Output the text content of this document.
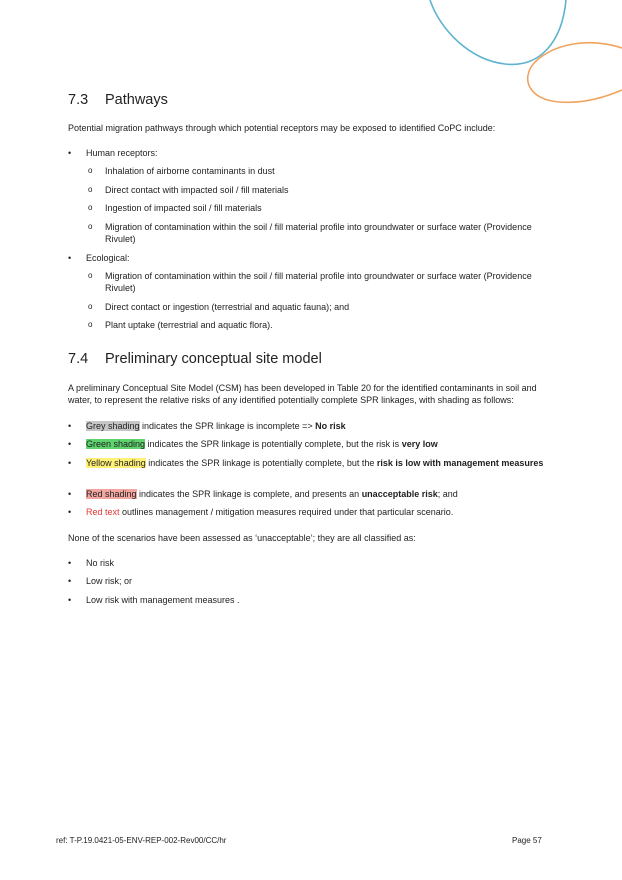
7.3 Pathways

Potential migration pathways through which potential receptors may be exposed to identified CoPC include:

• Human receptors:
o Inhalation of airborne contaminants in dust
o Direct contact with impacted soil / fill materials
o Ingestion of impacted soil / fill materials
o Migration of contamination within the soil / fill material profile into groundwater or surface water (Providence Rivulet)
• Ecological:
o Migration of contamination within the soil / fill material profile into groundwater or surface water (Providence Rivulet)
o Direct contact or ingestion (terrestrial and aquatic fauna); and
o Plant uptake (terrestrial and aquatic flora).
7.4 Preliminary conceptual site model

A preliminary Conceptual Site Model (CSM) has been developed in Table 20 for the identified contaminants in soil and water, to represent the relative risks of any identified potentially complete SPR linkages, with shading as follows:

• Grey shading indicates the SPR linkage is incomplete => No risk
• Green shading indicates the SPR linkage is potentially complete, but the risk is very low
• Yellow shading indicates the SPR linkage is potentially complete, but the risk is low with management measures
• Red shading indicates the SPR linkage is complete, and presents an unacceptable risk; and
• Red text outlines management / mitigation measures required under that particular scenario.

None of the scenarios have been assessed as ‘unacceptable’; they are all classified as:

• No risk
• Low risk; or
• Low risk with management measures .
ref: T-P.19.0421-05-ENV-REP-002-Rev00/CC/hr	Page 57
